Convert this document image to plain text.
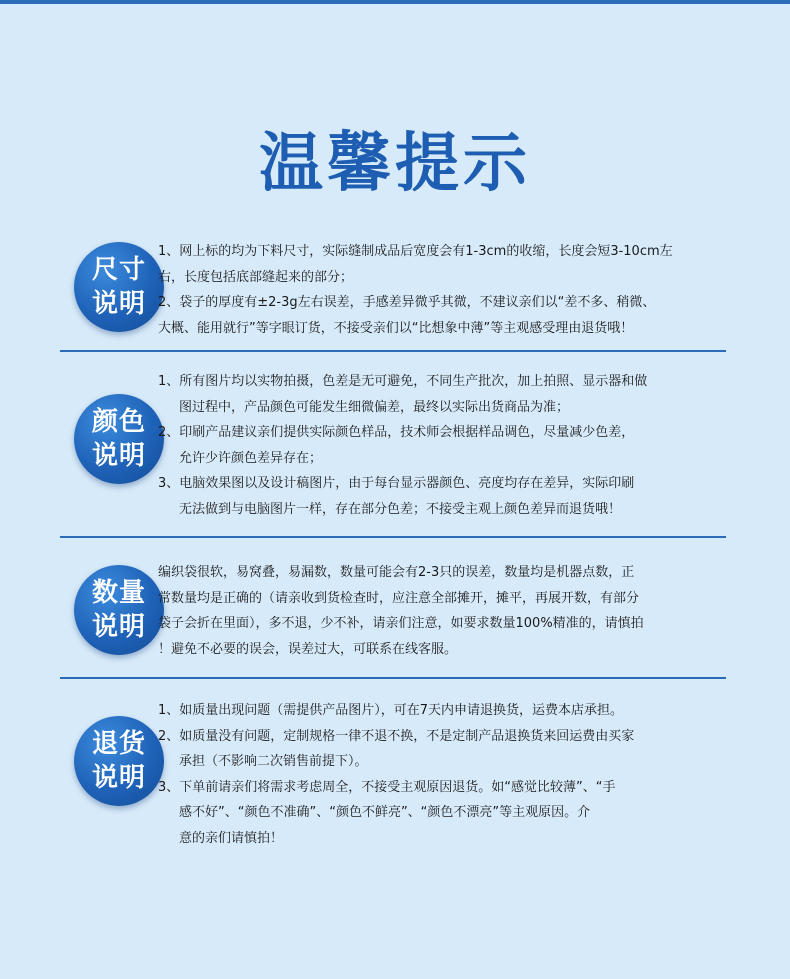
温馨提示
尺寸
说明
1、网上标的均为下料尺寸，实际缝制成品后宽度会有1-3cm的收缩，长度会短3-10cm左
右，长度包括底部缝起来的部分；
2、袋子的厚度有±2-3g左右误差，手感差异微乎其微，不建议亲们以“差不多、稍微、
大概、能用就行”等字眼订货，不接受亲们以“比想象中薄”等主观感受理由退货哦！
颜色
说明
1、所有图片均以实物拍摄，色差是无可避免，不同生产批次，加上拍照、显示器和做
图过程中，产品颜色可能发生细微偏差，最终以实际出货商品为准；
2、印刷产品建议亲们提供实际颜色样品，技术师会根据样品调色，尽量减少色差，
允许少许颜色差异存在；
3、电脑效果图以及设计稿图片，由于每台显示器颜色、亮度均存在差异，实际印刷
无法做到与电脑图片一样，存在部分色差；不接受主观上颜色差异而退货哦！
数量
说明
编织袋很软，易窝叠，易漏数，数量可能会有2-3只的误差，数量均是机器点数，正
常数量均是正确的（请亲收到货检查时，应注意全部摊开，摊平，再展开数，有部分
袋子会折在里面），多不退，少不补，请亲们注意，如要求数量100%精准的，请慎拍
！避免不必要的误会，误差过大，可联系在线客服。
退货
说明
1、如质量出现问题（需提供产品图片），可在7天内申请退换货，运费本店承担。
2、如质量没有问题，定制规格一律不退不换，不是定制产品退换货来回运费由买家
承担（不影响二次销售前提下）。
3、下单前请亲们将需求考虑周全，不接受主观原因退货。如“感觉比较薄”、“手
感不好”、“颜色不准确”、“颜色不鲜亮”、“颜色不漂亮”等主观原因。介
意的亲们请慎拍！
